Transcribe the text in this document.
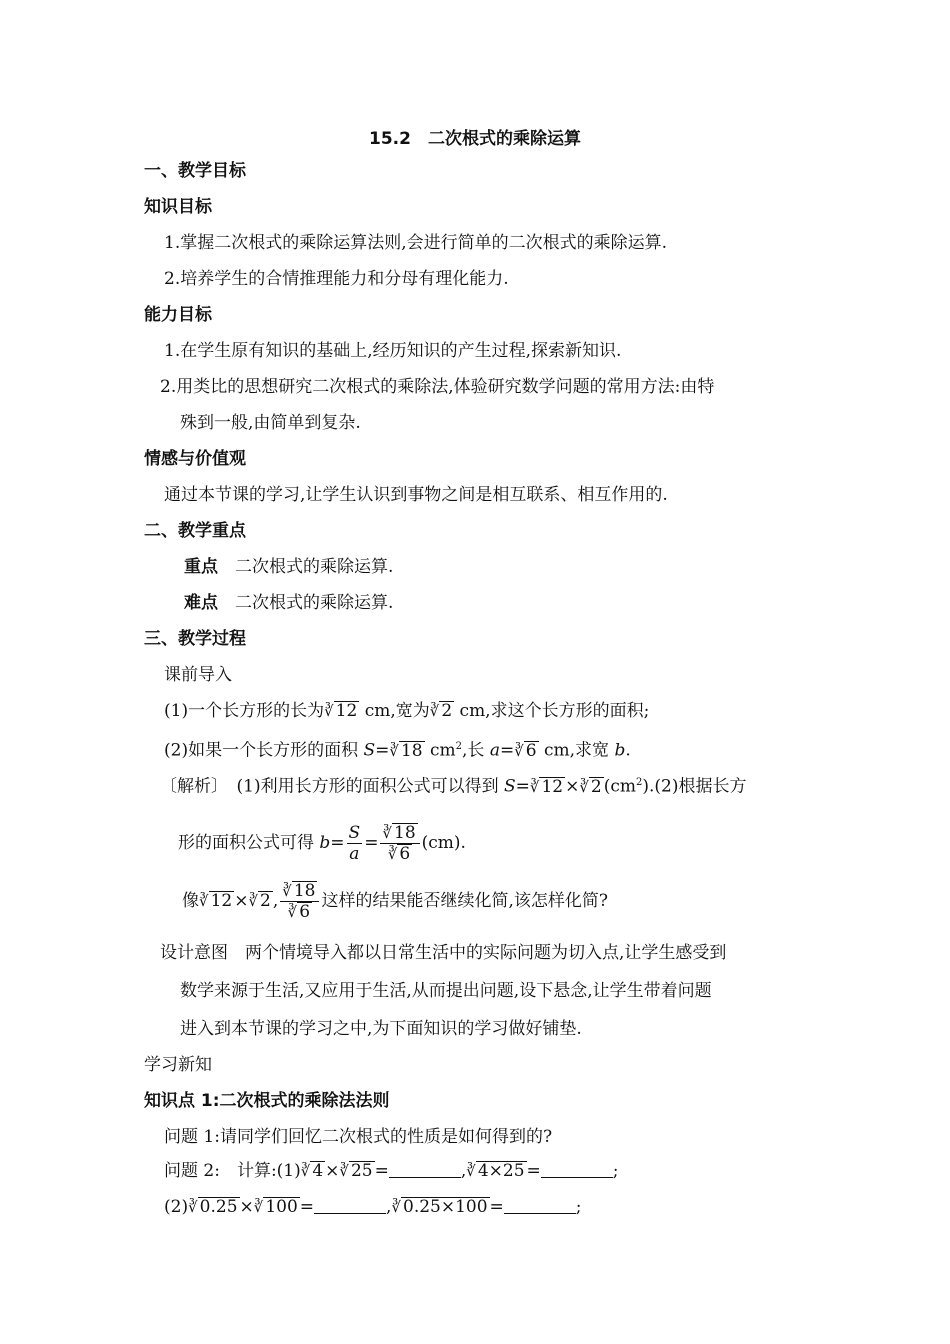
15.2　二次根式的乘除运算
一、教学目标
知识目标
1.掌握二次根式的乘除运算法则,会进行简单的二次根式的乘除运算.
2.培养学生的合情推理能力和分母有理化能力.
能力目标
1.在学生原有知识的基础上,经历知识的产生过程,探索新知识.
2.用类比的思想研究二次根式的乘除法,体验研究数学问题的常用方法:由特
殊到一般,由简单到复杂.
情感与价值观
通过本节课的学习,让学生认识到事物之间是相互联系、相互作用的.
二、教学重点
重点　 二次根式的乘除运算.
难点　 二次根式的乘除运算.
三、教学过程
课前导入
(1)一个长方形的长为∛ 12 cm,宽为∛ 2 cm,求这个长方形的面积;
(2)如果一个长方形的面积 S=∛ 18 $cm^2$,长 a=∛ 6 cm,求宽 b.
〔解析〕　(1)利用长方形的面积公式可以得到 S=∛ 12 ×∛ 2 $(cm^2).(2)$根据长方
形的面积公式可得 $b= \frac{S}{a} = \frac{∛ 18}{∛ 6} (cm)$.
像∛ 12 ×∛ 2 , $\frac{∛ 18}{∛ 6}$ 这样的结果能否继续化简,该怎样化简?
设计意图　两个情境导入都以日常生活中的实际问题为切入点,让学生感受到
数学来源于生活,又应用于生活,从而提出问题,设下悬念,让学生带着问题
进入到本节课的学习之中,为下面知识的学习做好铺垫.
学习新知
知识点 1:二次根式的乘除法法则
问题 1:请同学们回忆二次根式的性质是如何得到的?
问题 2:　计算:(1)∛ 4 ×∛ 25 =	,∛ 4×25 =	;
(2)∛ 0.25 ×∛ 100 =	,∛ 0.25×100 =	;
